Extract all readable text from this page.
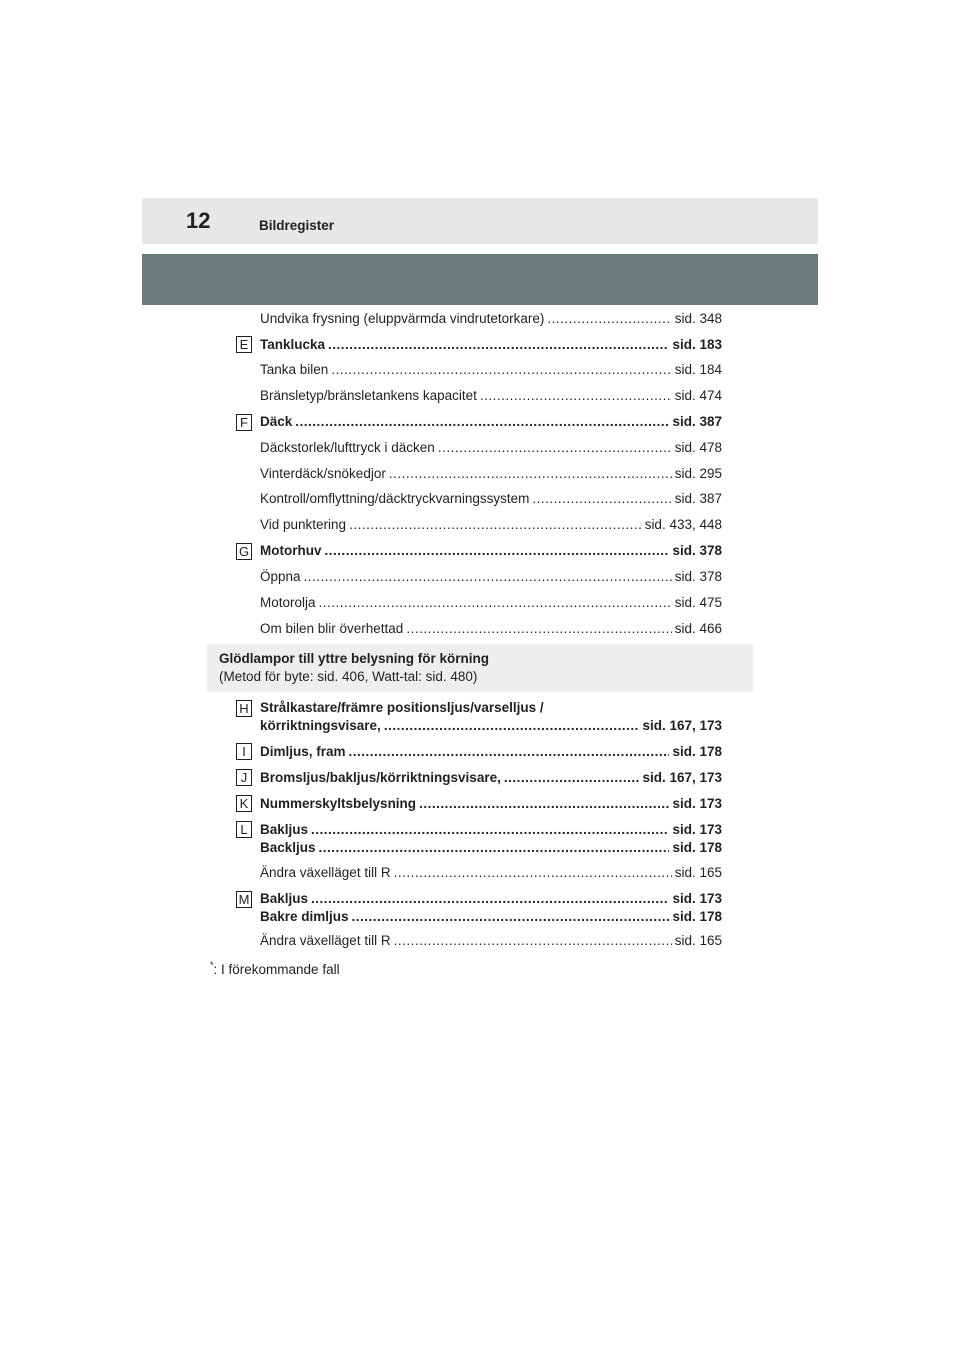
12	Bildregister
Undvika frysning (eluppvärmda vindrutetorkare) .....	sid. 348
E Tanklucka .....	sid. 183
Tanka bilen .....	sid. 184
Bränsletyp/bränsletankens kapacitet .....	sid. 474
F Däck .....	sid. 387
Däckstorlek/lufttryck i däcken .....	sid. 478
Vinterdäck/snökedjor .....	sid. 295
Kontroll/omflyttning/däcktryckvarningssystem .....	sid. 387
Vid punktering .....	sid. 433, 448
G Motorhuv .....	sid. 378
Öppna .....	sid. 378
Motorolja .....	sid. 475
Om bilen blir överhettad .....	sid. 466
Glödlampor till yttre belysning för körning
(Metod för byte: sid. 406, Watt-tal: sid. 480)
H Strålkastare/främre positionsljus/varselljus /
körriktningsvisare, .....	sid. 167, 173
I	Dimljus, fram .....	sid. 178
J Bromsljus/bakljus/körriktningsvisare, .....	sid. 167, 173
K Nummerskyltsbelysning .....	sid. 173
L Bakljus .....	sid. 173
Backljus .....	sid. 178
Ändra växelläget till R .....	sid. 165
M Bakljus .....	sid. 173
Bakre dimljus .....	sid. 178
Ändra växelläget till R .....	sid. 165
*: I förekommande fall
